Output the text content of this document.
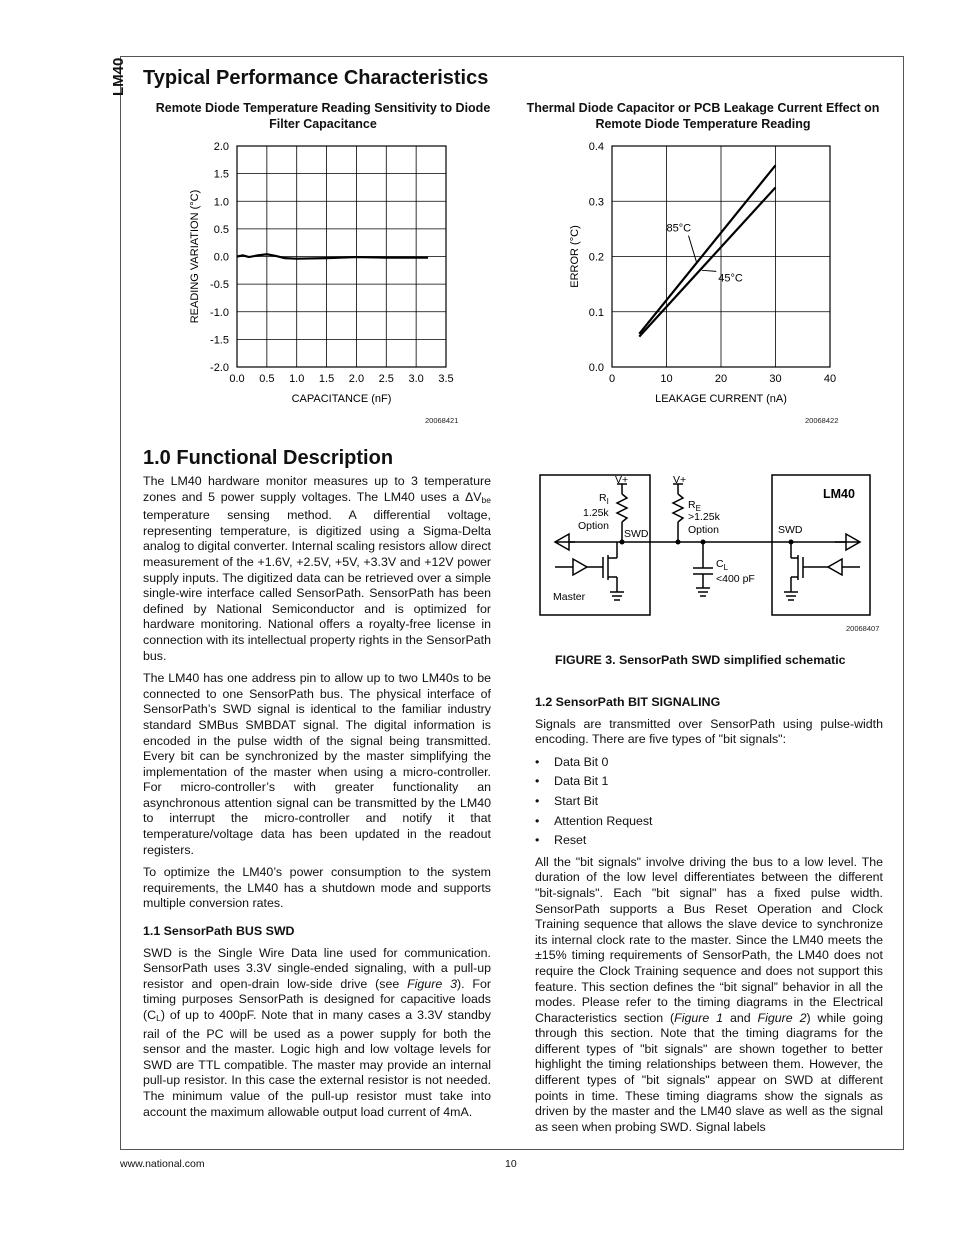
LM40 Typical Performance Characteristics
Remote Diode Temperature Reading Sensitivity to Diode Filter Capacitance
0.0 0.5 1.0 1.5 2.0 2.5 3.0 3.5
2.0
1.5
1.0
0.5
0.0
-0.5
-1.0
-1.5
-2.0
CAPACITANCE (nF)
READING VARIATION (°C)
20068421
Thermal Diode Capacitor or PCB Leakage Current Effect on Remote Diode Temperature Reading
0	10	20	30	40
0.4
0.3
0.2
0.1
0.0
LEAKAGE CURRENT (nA)
ERROR (°C)	85°C
45°C
20068422
1.0 Functional Description

The LM40 hardware monitor measures up to 3 temperature zones and 5 power supply voltages. The LM40 uses a $\Delta V_{be}$ temperature sensing method. A differential voltage, representing temperature, is digitized using a Sigma-Delta analog to digital converter. Internal scaling resistors allow direct measurement of the +1.6V, +2.5V, +5V, +3.3V and +12V power supply inputs. The digitized data can be retrieved over a simple single-wire interface called SensorPath. SensorPath has been defined by National Semiconductor and is optimized for hardware monitoring. National offers a royalty-free license in connection with its intellectual property rights in the SensorPath bus.

The LM40 has one address pin to allow up to two LM40s to be connected to one SensorPath bus. The physical interface of SensorPath’s SWD signal is identical to the familiar industry standard SMBus SMBDAT signal. The digital information is encoded in the pulse width of the signal being transmitted. Every bit can be synchronized by the master simplifying the implementation of the master when using a micro-controller. For micro-controller’s with greater functionality an asynchronous attention signal can be transmitted by the LM40 to interrupt the micro-controller and notify it that temperature/voltage data has been updated in the readout registers.

To optimize the LM40’s power consumption to the system requirements, the LM40 has a shutdown mode and supports multiple conversion rates.

1.1 SensorPath BUS SWD

SWD is the Single Wire Data line used for communication. SensorPath uses 3.3V single-ended signaling, with a pull-up resistor and open-drain low-side drive (see Figure 3). For timing purposes SensorPath is designed for capacitive loads $(C_L)$ of up to 400pF. Note that in many cases a 3.3V standby rail of the PC will be used as a power supply for both the sensor and the master. Logic high and low voltage levels for SWD are TTL compatible. The master may provide an internal pull-up resistor. In this case the external resistor is not needed. The minimum value of the pull-up resistor must take into account the maximum allowable output load current of 4mA.

V+	V+
$R_I$
1.25k
Option
SWD
$R_E$
>1.25k
Option
$C_L$
<400 pF
SWD
Master
LM40
20068407
FIGURE 3. SensorPath SWD simplified schematic
1.2 SensorPath BIT SIGNALING

Signals are transmitted over SensorPath using pulse-width encoding. There are five types of "bit signals":

• Data Bit 0
• Data Bit 1
• Start Bit
• Attention Request
• Reset

All the "bit signals" involve driving the bus to a low level. The duration of the low level differentiates between the different "bit-signals". Each "bit signal" has a fixed pulse width. SensorPath supports a Bus Reset Operation and Clock Training sequence that allows the slave device to synchronize its internal clock rate to the master. Since the LM40 meets the ±15% timing requirements of SensorPath, the LM40 does not require the Clock Training sequence and does not support this feature. This section defines the “bit signal” behavior in all the modes. Please refer to the timing diagrams in the Electrical Characteristics section (Figure 1 and Figure 2) while going through this section. Note that the timing diagrams for the different types of "bit signals" are shown together to better highlight the timing relationships between them. However, the different types of "bit signals" appear on SWD at different points in time. These timing diagrams show the signals as driven by the master and the LM40 slave as well as the signal as seen when probing SWD. Signal labels

www.national.com	10
